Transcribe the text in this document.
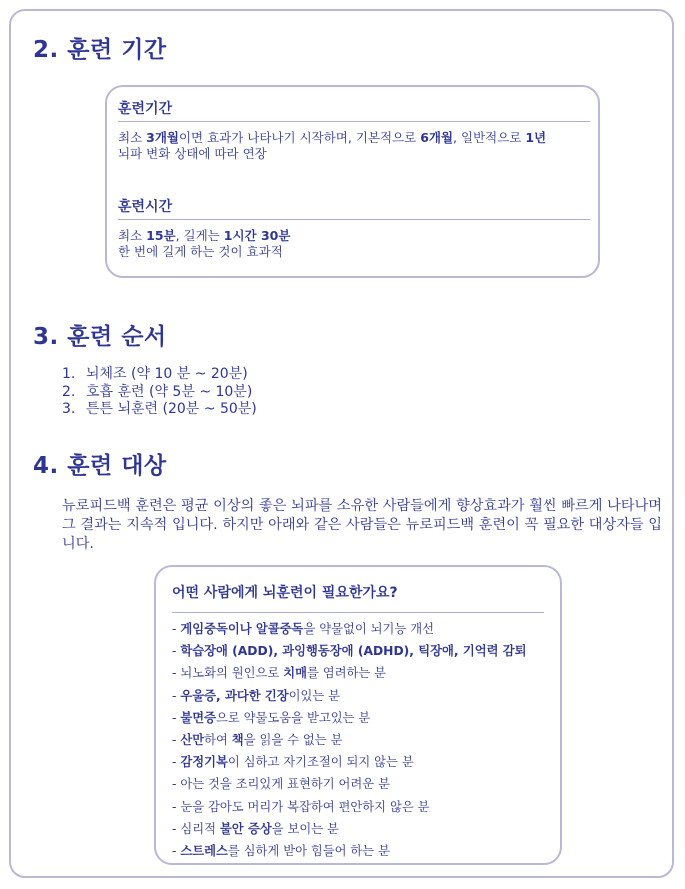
2. 훈련 기간
훈련기간
최소 3개월이면 효과가 나타나기 시작하며, 기본적으로 6개월, 일반적으로 1년
뇌파 변화 상태에 따라 연장
훈련시간
최소 15분, 길게는 1시간 30분
한 번에 길게 하는 것이 효과적
3. 훈련 순서
1. 뇌체조 (약 10 분 ~ 20분)
2. 호흡 훈련 (약 5분 ~ 10분)
3. 튼튼 뇌훈련 (20분 ~ 50분)
4. 훈련 대상

뉴로피드백 훈련은 평균 이상의 좋은 뇌파를 소유한 사람들에게 향상효과가 훨씬 빠르게 나타나며 그 결과는 지속적 입니다. 하지만 아래와 같은 사람들은 뉴로피드백 훈련이 꼭 필요한 대상자들 입니다.

어떤 사람에게 뇌훈련이 필요한가요?
- 게임중독이나 알콜중독을 약물없이 뇌기능 개선
- 학습장애 (ADD), 과잉행동장애 (ADHD), 틱장애, 기억력 감퇴
- 뇌노화의 원인으로 치매를 염려하는 분
- 우울증, 과다한 긴장이있는 분
- 불면증으로 약물도움을 받고있는 분
- 산만하여 책을 읽을 수 없는 분
- 감정기복이 심하고 자기조절이 되지 않는 분
- 아는 것을 조리있게 표현하기 어려운 분
- 눈을 감아도 머리가 복잡하여 편안하지 않은 분
- 심리적 불안 증상을 보이는 분
- 스트레스를 심하게 받아 힘들어 하는 분
